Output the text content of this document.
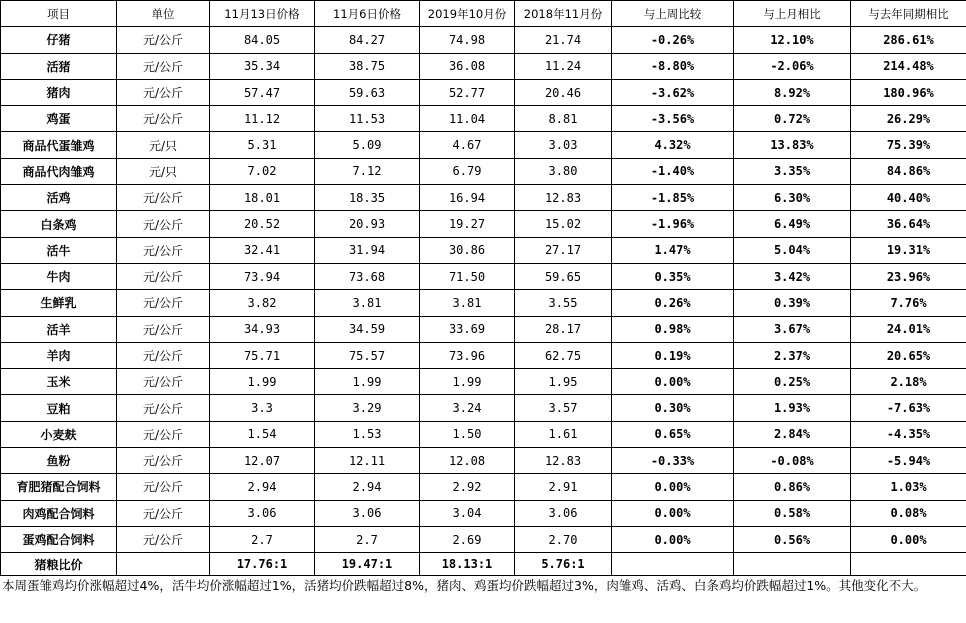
项目	单位	11月13日价格	11月6日价格	2019年10月份	2018年11月份	与上周比较	与上月相比	与去年同期相比
仔猪	元/公斤	84.05	84.27	74.98	21.74	-0.26%	12.10%	286.61%
活猪	元/公斤	35.34	38.75	36.08	11.24	-8.80%	-2.06%	214.48%
猪肉	元/公斤	57.47	59.63	52.77	20.46	-3.62%	8.92%	180.96%
鸡蛋	元/公斤	11.12	11.53	11.04	8.81	-3.56%	0.72%	26.29%
商品代蛋雏鸡	元/只	5.31	5.09	4.67	3.03	4.32%	13.83%	75.39%
商品代肉雏鸡	元/只	7.02	7.12	6.79	3.80	-1.40%	3.35%	84.86%
活鸡	元/公斤	18.01	18.35	16.94	12.83	-1.85%	6.30%	40.40%
白条鸡	元/公斤	20.52	20.93	19.27	15.02	-1.96%	6.49%	36.64%
活牛	元/公斤	32.41	31.94	30.86	27.17	1.47%	5.04%	19.31%
牛肉	元/公斤	73.94	73.68	71.50	59.65	0.35%	3.42%	23.96%
生鲜乳	元/公斤	3.82	3.81	3.81	3.55	0.26%	0.39%	7.76%
活羊	元/公斤	34.93	34.59	33.69	28.17	0.98%	3.67%	24.01%
羊肉	元/公斤	75.71	75.57	73.96	62.75	0.19%	2.37%	20.65%
玉米	元/公斤	1.99	1.99	1.99	1.95	0.00%	0.25%	2.18%
豆粕	元/公斤	3.3	3.29	3.24	3.57	0.30%	1.93%	-7.63%
小麦麸	元/公斤	1.54	1.53	1.50	1.61	0.65%	2.84%	-4.35%
鱼粉	元/公斤	12.07	12.11	12.08	12.83	-0.33%	-0.08%	-5.94%
育肥猪配合饲料	元/公斤	2.94	2.94	2.92	2.91	0.00%	0.86%	1.03%
肉鸡配合饲料	元/公斤	3.06	3.06	3.04	3.06	0.00%	0.58%	0.08%
蛋鸡配合饲料	元/公斤	2.7	2.7	2.69	2.70	0.00%	0.56%	0.00%
猪粮比价		17.76:1	19.47:1	18.13:1	5.76:1			
本周蛋雏鸡均价涨幅超过4%，活牛均价涨幅超过1%，活猪均价跌幅超过8%，猪肉、鸡蛋均价跌幅超过3%，肉雏鸡、活鸡、白条鸡均价跌幅超过1%。其他变化不大。
